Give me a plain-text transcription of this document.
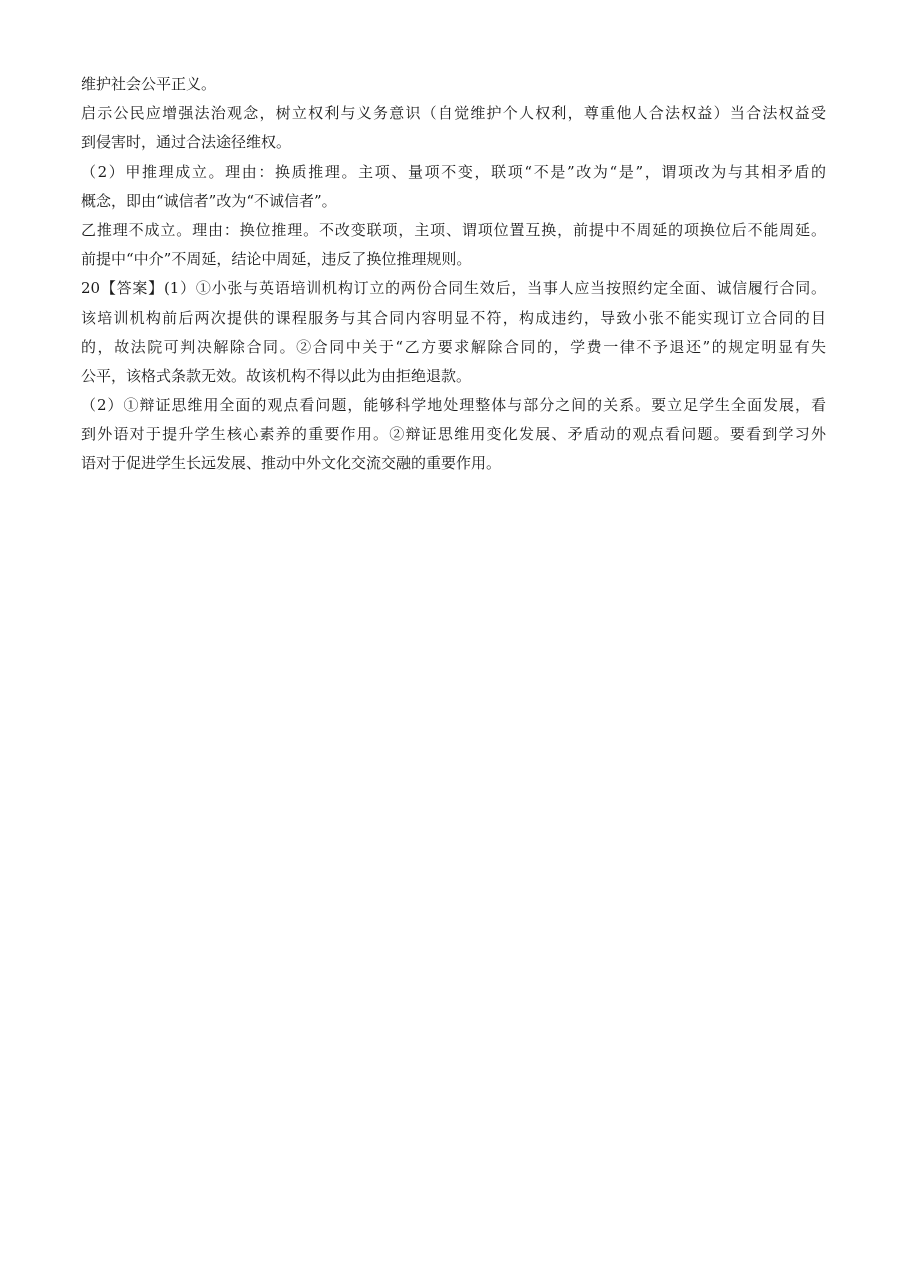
维护社会公平正义。
启示公民应增强法治观念，树立权利与义务意识（自觉维护个人权利，尊重他人合法权益）当合法权益受
到侵害时，通过合法途径维权。
（2）甲推理成立。理由：换质推理。主项、量项不变，联项“不是”改为“是”，谓项改为与其相矛盾的
概念，即由“诚信者”改为“不诚信者”。
乙推理不成立。理由：换位推理。不改变联项，主项、谓项位置互换，前提中不周延的项换位后不能周延。
前提中“中介”不周延，结论中周延，违反了换位推理规则。
20【答案】(1）①小张与英语培训机构订立的两份合同生效后，当事人应当按照约定全面、诚信履行合同。
该培训机构前后两次提供的课程服务与其合同内容明显不符，构成违约，导致小张不能实现订立合同的目
的，故法院可判决解除合同。②合同中关于“乙方要求解除合同的，学费一律不予退还”的规定明显有失
公平，该格式条款无效。故该机构不得以此为由拒绝退款。
（2）①辩证思维用全面的观点看问题，能够科学地处理整体与部分之间的关系。要立足学生全面发展，看
到外语对于提升学生核心素养的重要作用。②辩证思维用变化发展、矛盾动的观点看问题。要看到学习外
语对于促进学生长远发展、推动中外文化交流交融的重要作用。
